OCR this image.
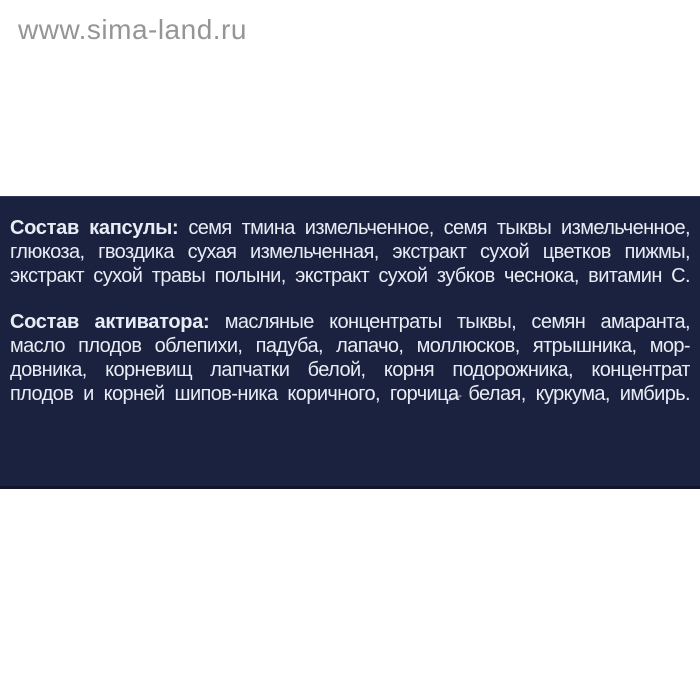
www.sima-land.ru
Состав капсулы: семя тмина измельченное, семя тыквы измельченное,
глюкоза, гвоздика сухая измельченная, экстракт сухой цветков пижмы,
экстракт сухой травы полыни, экстракт сухой зубков чеснока, витамин С.
Состав активатора: масляные концентраты тыквы, семян амаранта,
масло плодов облепихи, падуба, лапачо, моллюсков, ятрышника, мор-
довника, корневищ лапчатки белой, корня подорожника, концентрат
плодов и корней шипов-ника коричного, горчица белая, куркума, имбирь.
